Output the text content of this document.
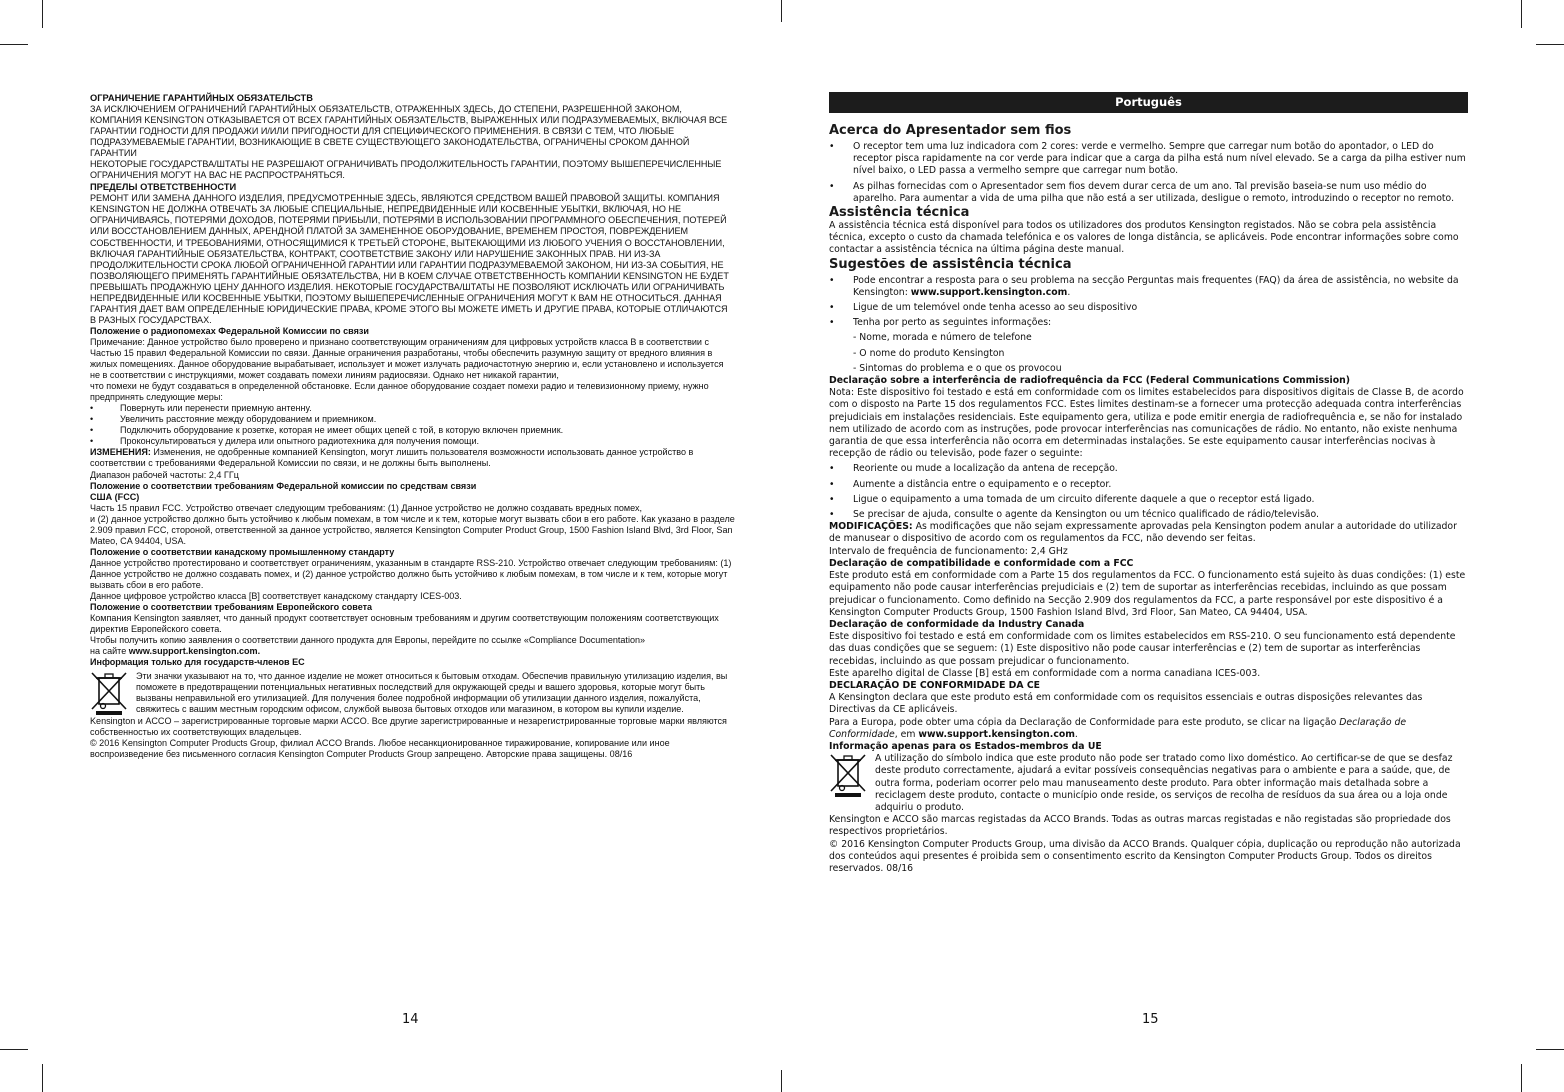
ОГРАНИЧЕНИЕ ГАРАНТИЙНЫХ ОБЯЗАТЕЛЬСТВ

ЗА ИСКЛЮЧЕНИЕМ ОГРАНИЧЕНИЙ ГАРАНТИЙНЫХ ОБЯЗАТЕЛЬСТВ, ОТРАЖЕННЫХ ЗДЕСЬ, ДО СТЕПЕНИ, РАЗРЕШЕННОЙ ЗАКОНОМ, КОМПАНИЯ KENSINGTON ОТКАЗЫВАЕТСЯ ОТ ВСЕХ ГАРАНТИЙНЫХ ОБЯЗАТЕЛЬСТВ, ВЫРАЖЕННЫХ ИЛИ ПОДРАЗУМЕВАЕМЫХ, ВКЛЮЧАЯ ВСЕ ГАРАНТИИ ГОДНОСТИ ДЛЯ ПРОДАЖИ И/ИЛИ ПРИГОДНОСТИ ДЛЯ СПЕЦИФИЧЕСКОГО ПРИМЕНЕНИЯ. В СВЯЗИ С ТЕМ, ЧТО ЛЮБЫЕ ПОДРАЗУМЕВАЕМЫЕ ГАРАНТИИ, ВОЗНИКАЮЩИЕ В СВЕТЕ СУЩЕСТВУЮЩЕГО ЗАКОНОДАТЕЛЬСТВА, ОГРАНИЧЕНЫ СРОКОМ ДАННОЙ ГАРАНТИИ

НЕКОТОРЫЕ ГОСУДАРСТВА/ШТАТЫ НЕ РАЗРЕШАЮТ ОГРАНИЧИВАТЬ ПРОДОЛЖИТЕЛЬНОСТЬ ГАРАНТИИ, ПОЭТОМУ ВЫШЕПЕРЕЧИСЛЕННЫЕ ОГРАНИЧЕНИЯ МОГУТ НА ВАС НЕ РАСПРОСТРАНЯТЬСЯ.

ПРЕДЕЛЫ ОТВЕТСТВЕННОСТИ

РЕМОНТ ИЛИ ЗАМЕНА ДАННОГО ИЗДЕЛИЯ, ПРЕДУСМОТРЕННЫЕ ЗДЕСЬ, ЯВЛЯЮТСЯ СРЕДСТВОМ ВАШЕЙ ПРАВОВОЙ ЗАЩИТЫ. КОМПАНИЯ KENSINGTON НЕ ДОЛЖНА ОТВЕЧАТЬ ЗА ЛЮБЫЕ СПЕЦИАЛЬНЫЕ, НЕПРЕДВИДЕННЫЕ ИЛИ КОСВЕННЫЕ УБЫТКИ, ВКЛЮЧАЯ, НО НЕ ОГРАНИЧИВАЯСЬ, ПОТЕРЯМИ ДОХОДОВ, ПОТЕРЯМИ ПРИБЫЛИ, ПОТЕРЯМИ В ИСПОЛЬЗОВАНИИ ПРОГРАММНОГО ОБЕСПЕЧЕНИЯ, ПОТЕРЕЙ ИЛИ ВОССТАНОВЛЕНИЕМ ДАННЫХ, АРЕНДНОЙ ПЛАТОЙ ЗА ЗАМЕНЕННОЕ ОБОРУДОВАНИЕ, ВРЕМЕНЕМ ПРОСТОЯ, ПОВРЕЖДЕНИЕМ СОБСТВЕННОСТИ, И ТРЕБОВАНИЯМИ, ОТНОСЯЩИМИСЯ К ТРЕТЬЕЙ СТОРОНЕ, ВЫТЕКАЮЩИМИ ИЗ ЛЮБОГО УЧЕНИЯ О ВОССТАНОВЛЕНИИ, ВКЛЮЧАЯ ГАРАНТИЙНЫЕ ОБЯЗАТЕЛЬСТВА, КОНТРАКТ, СООТВЕТСТВИЕ ЗАКОНУ ИЛИ НАРУШЕНИЕ ЗАКОННЫХ ПРАВ. НИ ИЗ-ЗА ПРОДОЛЖИТЕЛЬНОСТИ СРОКА ЛЮБОЙ ОГРАНИЧЕННОЙ ГАРАНТИИ ИЛИ ГАРАНТИИ ПОДРАЗУМЕВАЕМОЙ ЗАКОНОМ, НИ ИЗ-ЗА СОБЫТИЯ, НЕ ПОЗВОЛЯЮЩЕГО ПРИМЕНЯТЬ ГАРАНТИЙНЫЕ ОБЯЗАТЕЛЬСТВА, НИ В КОЕМ СЛУЧАЕ ОТВЕТСТВЕННОСТЬ КОМПАНИИ KENSINGTON НЕ БУДЕТ ПРЕВЫШАТЬ ПРОДАЖНУЮ ЦЕНУ ДАННОГО ИЗДЕЛИЯ. НЕКОТОРЫЕ ГОСУДАРСТВА/ШТАТЫ НЕ ПОЗВОЛЯЮТ ИСКЛЮЧАТЬ ИЛИ ОГРАНИЧИВАТЬ НЕПРЕДВИДЕННЫЕ ИЛИ КОСВЕННЫЕ УБЫТКИ, ПОЭТОМУ ВЫШЕПЕРЕЧИСЛЕННЫЕ ОГРАНИЧЕНИЯ МОГУТ К ВАМ НЕ ОТНОСИТЬСЯ. ДАННАЯ ГАРАНТИЯ ДАЕТ ВАМ ОПРЕДЕЛЕННЫЕ ЮРИДИЧЕСКИЕ ПРАВА, КРОМЕ ЭТОГО ВЫ МОЖЕТЕ ИМЕТЬ И ДРУГИЕ ПРАВА, КОТОРЫЕ ОТЛИЧАЮТСЯ В РАЗНЫХ ГОСУДАРСТВАХ.

Положение о радиопомехах Федеральной Комиссии по связи

Примечание: Данное устройство было проверено и признано соответствующим ограничениям для цифровых устройств класса B в соответствии с Частью 15 правил Федеральной Комиссии по связи. Данные ограничения разработаны, чтобы обеспечить разумную защиту от вредного влияния в жилых помещениях. Данное оборудование вырабатывает, использует и может излучать радиочастотную энергию и, если установлено и используется не в соответствии с инструкциями, может создавать помехи линиям радиосвязи. Однако нет никакой гарантии,

что помехи не будут создаваться в определенной обстановке. Если данное оборудование создает помехи радио и телевизионному приему, нужно предпринять следующие меры:

• Повернуть или перенести приемную антенну.
• Увеличить расстояние между оборудованием и приемником.
• Подключить оборудование к розетке, которая не имеет общих цепей с той, в которую включен приемник.
• Проконсультироваться у дилера или опытного радиотехника для получения помощи.

ИЗМЕНЕНИЯ: Изменения, не одобренные компанией Kensington, могут лишить пользователя возможности использовать данное устройство в соответствии с требованиями Федеральной Комиссии по связи, и не должны быть выполнены.

Диапазон рабочей частоты: 2,4 ГГц

Положение о соответствии требованиям Федеральной комиссии по средствам связи

США (FCC)

Часть 15 правил FCC. Устройство отвечает следующим требованиям: (1) Данное устройство не должно создавать вредных помех,

и (2) данное устройство должно быть устойчиво к любым помехам, в том числе и к тем, которые могут вызвать сбои в его работе. Как указано в разделе 2.909 правил FCC, стороной, ответственной за данное устройство, является Kensington Computer Product Group, 1500 Fashion Island Blvd, 3rd Floor, San Mateo, CA 94404, USA.

Положение о соответствии канадскому промышленному стандарту

Данное устройство протестировано и соответствует ограничениям, указанным в стандарте RSS-210. Устройство отвечает следующим требованиям: (1) Данное устройство не должно создавать помех, и (2) данное устройство должно быть устойчиво к любым помехам, в том числе и к тем, которые могут вызвать сбои в его работе.

Данное цифровое устройство класса [B] соответствует канадскому стандарту ICES-003.

Положение о соответствии требованиям Европейского совета

Компания Kensington заявляет, что данный продукт соответствует основным требованиям и другим соответствующим положениям соответствующих директив Европейского совета.

Чтобы получить копию заявления о соответствии данного продукта для Европы, перейдите по ссылке «Compliance Documentation»

на сайте www.support.kensington.com.

Информация только для государств-членов ЕС

Эти значки указывают на то, что данное изделие не может относиться к бытовым отходам. Обеспечив правильную утилизацию изделия, вы поможете в предотвращении потенциальных негативных последствий для окружающей среды и вашего здоровья, которые могут быть вызваны неправильной его утилизацией. Для получения более подробной информации об утилизации данного изделия, пожалуйста, свяжитесь с вашим местным городским офисом, службой вывоза бытовых отходов или магазином, в котором вы купили изделие.

Kensington и ACCO – зарегистрированные торговые марки ACCO. Все другие зарегистрированные и незарегистрированные торговые марки являются собственностью их соответствующих владельцев.

© 2016 Kensington Computer Products Group, филиал ACCO Brands. Любое несанкционированное тиражирование, копирование или иное воспроизведение без письменного согласия Kensington Computer Products Group запрещено. Авторские права защищены. 08/16

14
Português

Acerca do Apresentador sem fios

• O receptor tem uma luz indicadora com 2 cores: verde e vermelho. Sempre que carregar num botão do apontador, o LED do receptor pisca rapidamente na cor verde para indicar que a carga da pilha está num nível elevado. Se a carga da pilha estiver num nível baixo, o LED passa a vermelho sempre que carregar num botão.
• As pilhas fornecidas com o Apresentador sem fios devem durar cerca de um ano. Tal previsão baseia-se num uso médio do aparelho. Para aumentar a vida de uma pilha que não está a ser utilizada, desligue o remoto, introduzindo o receptor no remoto.

Assistência técnica

A assistência técnica está disponível para todos os utilizadores dos produtos Kensington registados. Não se cobra pela assistência técnica, excepto o custo da chamada telefónica e os valores de longa distância, se aplicáveis. Pode encontrar informações sobre como contactar a assistência técnica na última página deste manual.

Sugestões de assistência técnica

• Pode encontrar a resposta para o seu problema na secção Perguntas mais frequentes (FAQ) da área de assistência, no website da Kensington: www.support.kensington.com.
• Ligue de um telemóvel onde tenha acesso ao seu dispositivo
• Tenha por perto as seguintes informações:
- Nome, morada e número de telefone
- O nome do produto Kensington
- Sintomas do problema e o que os provocou

Declaração sobre a interferência de radiofrequência da FCC (Federal Communications Commission)

Nota: Este dispositivo foi testado e está em conformidade com os limites estabelecidos para dispositivos digitais de Classe B, de acordo com o disposto na Parte 15 dos regulamentos FCC. Estes limites destinam-se a fornecer uma protecção adequada contra interferências prejudiciais em instalações residenciais. Este equipamento gera, utiliza e pode emitir energia de radiofrequência e, se não for instalado nem utilizado de acordo com as instruções, pode provocar interferências nas comunicações de rádio. No entanto, não existe nenhuma garantia de que essa interferência não ocorra em determinadas instalações. Se este equipamento causar interferências nocivas à recepção de rádio ou televisão, pode fazer o seguinte:

• Reoriente ou mude a localização da antena de recepção.
• Aumente a distância entre o equipamento e o receptor.
• Ligue o equipamento a uma tomada de um circuito diferente daquele a que o receptor está ligado.
• Se precisar de ajuda, consulte o agente da Kensington ou um técnico qualificado de rádio/televisão.

MODIFICAÇÕES: As modificações que não sejam expressamente aprovadas pela Kensington podem anular a autoridade do utilizador de manusear o dispositivo de acordo com os regulamentos da FCC, não devendo ser feitas.

Intervalo de frequência de funcionamento: 2,4 GHz

Declaração de compatibilidade e conformidade com a FCC

Este produto está em conformidade com a Parte 15 dos regulamentos da FCC. O funcionamento está sujeito às duas condições: (1) este equipamento não pode causar interferências prejudiciais e (2) tem de suportar as interferências recebidas, incluindo as que possam prejudicar o funcionamento. Como definido na Secção 2.909 dos regulamentos da FCC, a parte responsável por este dispositivo é a Kensington Computer Products Group, 1500 Fashion Island Blvd, 3rd Floor, San Mateo, CA 94404, USA.

Declaração de conformidade da Industry Canada

Este dispositivo foi testado e está em conformidade com os limites estabelecidos em RSS-210. O seu funcionamento está dependente das duas condições que se seguem: (1) Este dispositivo não pode causar interferências e (2) tem de suportar as interferências recebidas, incluindo as que possam prejudicar o funcionamento.

Este aparelho digital de Classe [B] está em conformidade com a norma canadiana ICES-003.

DECLARAÇÃO DE CONFORMIDADE DA CE

A Kensington declara que este produto está em conformidade com os requisitos essenciais e outras disposições relevantes das Directivas da CE aplicáveis.

Para a Europa, pode obter uma cópia da Declaração de Conformidade para este produto, se clicar na ligação Declaração de Conformidade, em www.support.kensington.com.

Informação apenas para os Estados-membros da UE

A utilização do símbolo indica que este produto não pode ser tratado como lixo doméstico. Ao certificar-se de que se desfaz deste produto correctamente, ajudará a evitar possíveis consequências negativas para o ambiente e para a saúde, que, de outra forma, poderiam ocorrer pelo mau manuseamento deste produto. Para obter informação mais detalhada sobre a reciclagem deste produto, contacte o município onde reside, os serviços de recolha de resíduos da sua área ou a loja onde adquiriu o produto.

Kensington e ACCO são marcas registadas da ACCO Brands. Todas as outras marcas registadas e não registadas são propriedade dos respectivos proprietários.

© 2016 Kensington Computer Products Group, uma divisão da ACCO Brands. Qualquer cópia, duplicação ou reprodução não autorizada dos conteúdos aqui presentes é proibida sem o consentimento escrito da Kensington Computer Products Group. Todos os direitos reservados. 08/16

15
